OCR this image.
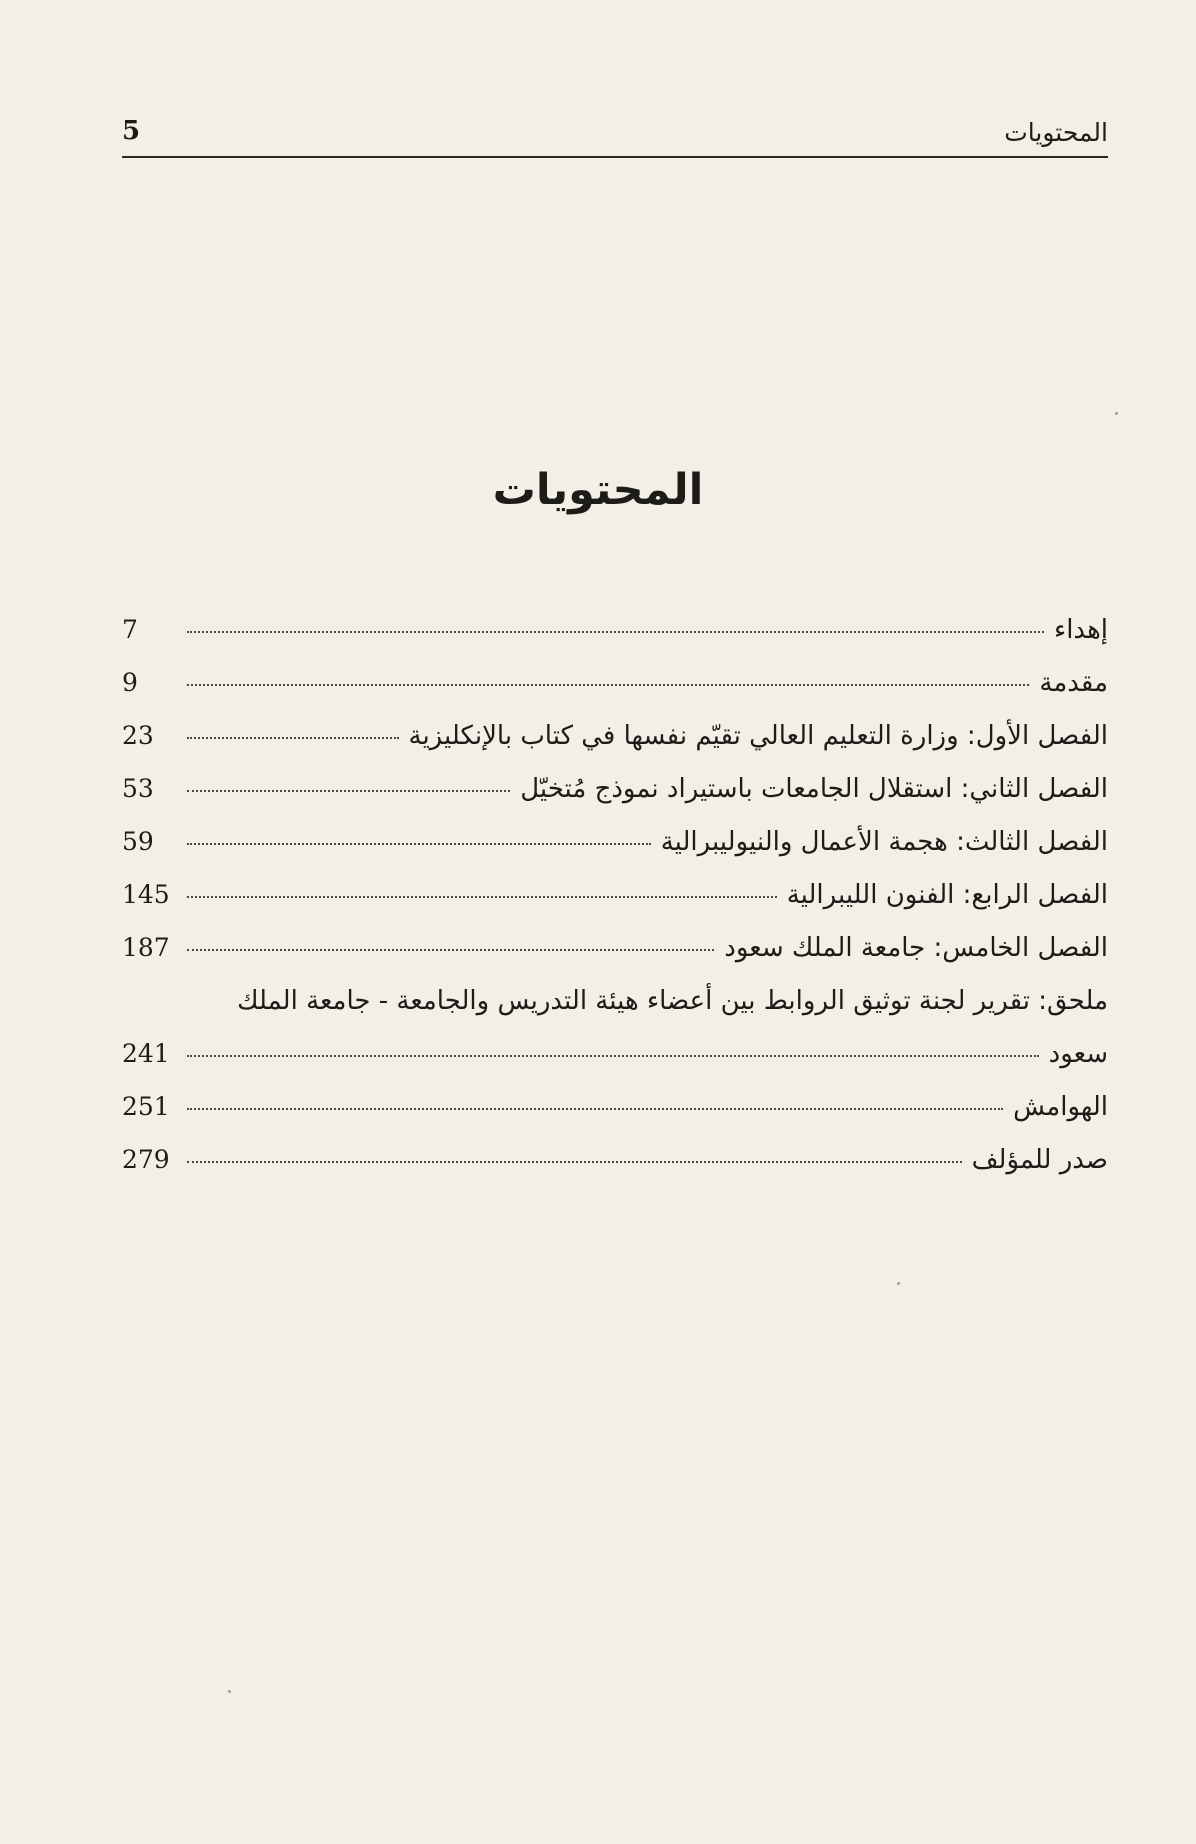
المحتويات
5
المحتويات
إهداء
7
مقدمة
9
الفصل الأول: وزارة التعليم العالي تقيّم نفسها في كتاب بالإنكليزية
23
الفصل الثاني: استقلال الجامعات باستيراد نموذج مُتخيّل
53
الفصل الثالث: هجمة الأعمال والنيوليبرالية
59
الفصل الرابع: الفنون الليبرالية
145
الفصل الخامس: جامعة الملك سعود
187
ملحق: تقرير لجنة توثيق الروابط بين أعضاء هيئة التدريس والجامعة - جامعة الملك
سعود
241
الهوامش
251
صدر للمؤلف
279
